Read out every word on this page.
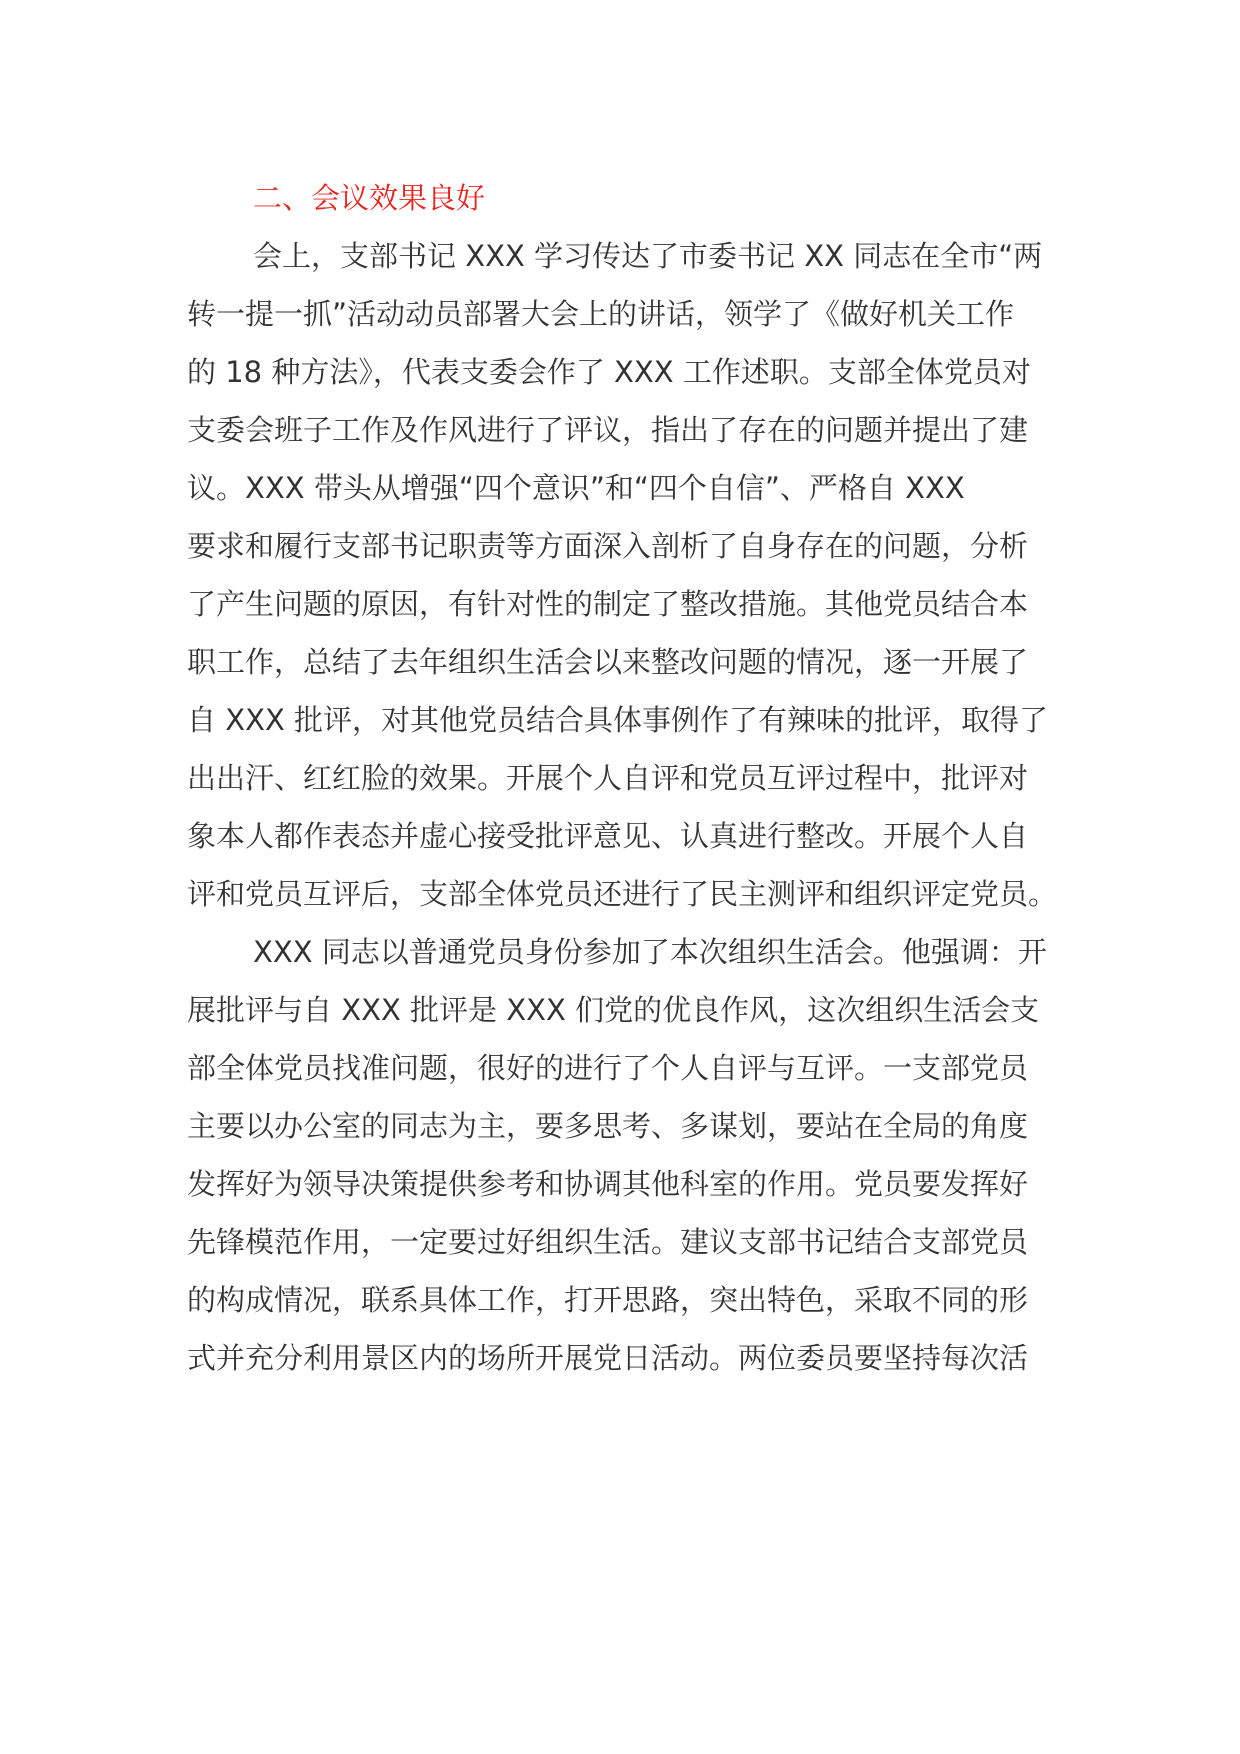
二、会议效果良好
会上，支部书记 XXX 学习传达了市委书记 XX 同志在全市“两
转一提一抓”活动动员部署大会上的讲话，领学了《做好机关工作
的 18 种方法》，代表支委会作了 XXX 工作述职。支部全体党员对
支委会班子工作及作风进行了评议，指出了存在的问题并提出了建
议。XXX 带头从增强“四个意识”和“四个自信”、严格自 XXX
要求和履行支部书记职责等方面深入剖析了自身存在的问题，分析
了产生问题的原因，有针对性的制定了整改措施。其他党员结合本
职工作，总结了去年组织生活会以来整改问题的情况，逐一开展了
自 XXX 批评，对其他党员结合具体事例作了有辣味的批评，取得了
出出汗、红红脸的效果。开展个人自评和党员互评过程中，批评对
象本人都作表态并虚心接受批评意见、认真进行整改。开展个人自
评和党员互评后，支部全体党员还进行了民主测评和组织评定党员。
XXX 同志以普通党员身份参加了本次组织生活会。他强调：开
展批评与自 XXX 批评是 XXX 们党的优良作风，这次组织生活会支
部全体党员找准问题，很好的进行了个人自评与互评。一支部党员
主要以办公室的同志为主，要多思考、多谋划，要站在全局的角度
发挥好为领导决策提供参考和协调其他科室的作用。党员要发挥好
先锋模范作用，一定要过好组织生活。建议支部书记结合支部党员
的构成情况，联系具体工作，打开思路，突出特色，采取不同的形
式并充分利用景区内的场所开展党日活动。两位委员要坚持每次活
